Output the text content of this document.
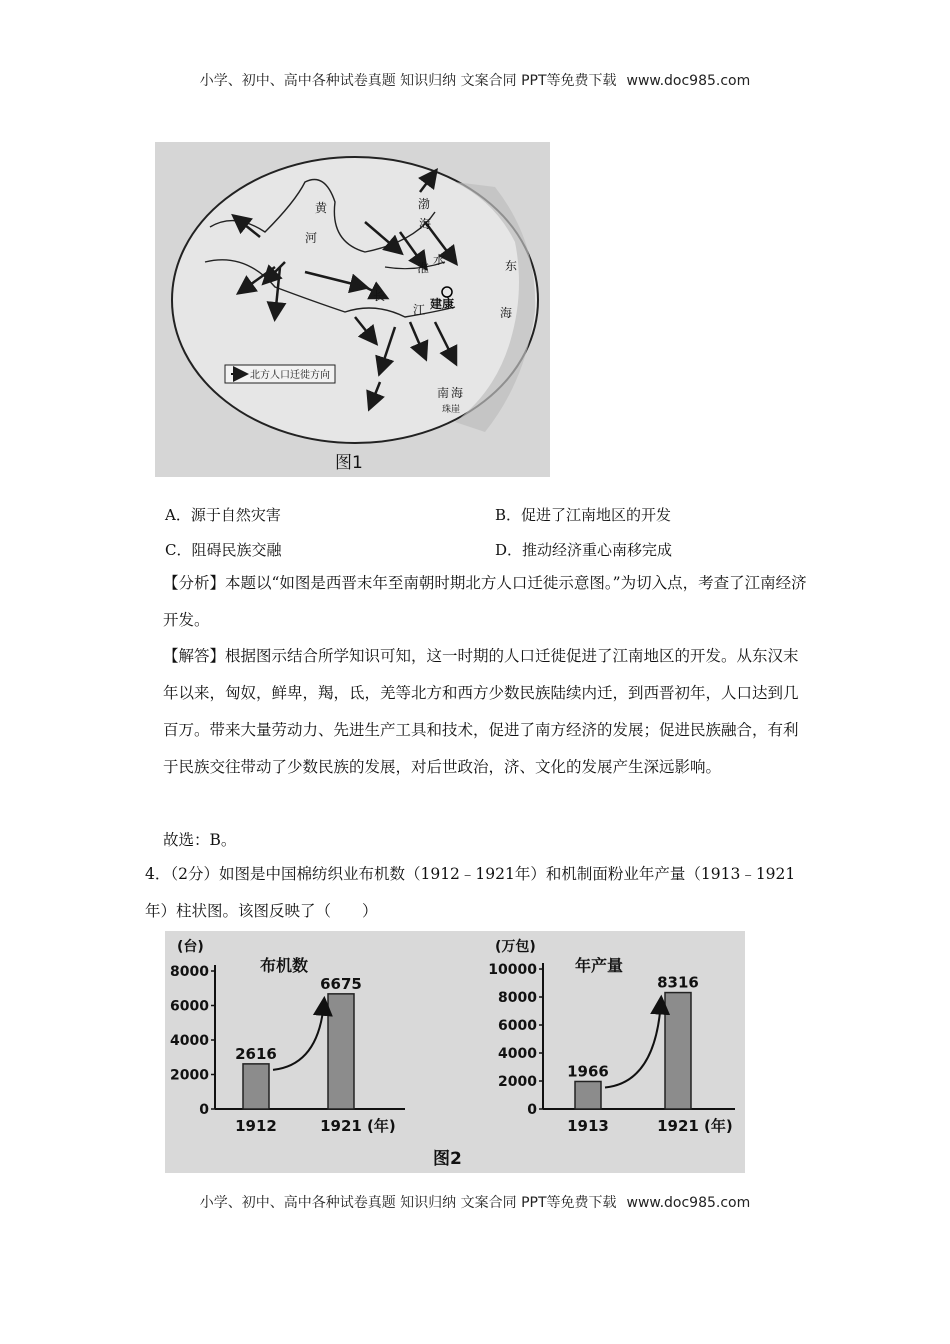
小学、初中、高中各种试卷真题 知识归纳 文案合同 PPT等免费下载 www.doc985.com
黄
河
渤
海
东
淮
水
长
江 建康
海
南 海
珠崖
北方人口迁徙方向
图1
A．源于自然灾害	B．促进了江南地区的开发
C．阻碍民族交融	D．推动经济重心南移完成
【分析】本题以“如图是西晋末年至南朝时期北方人口迁徙示意图。”为切入点，考查了江南经济开发。
【解答】根据图示结合所学知识可知，这一时期的人口迁徙促进了江南地区的开发。从东汉末年以来，匈奴，鲜卑，羯，氐，羌等北方和西方少数民族陆续内迁，到西晋初年，人口达到几百万。带来大量劳动力、先进生产工具和技术，促进了南方经济的发展；促进民族融合，有利于民族交往带动了少数民族的发展，对后世政治，济、文化的发展产生深远影响。
故选：B。
4．（2分）如图是中国棉纺织业布机数（1912﹣1921年）和机制面粉业年产量（1913﹣1921年）柱状图。该图反映了（　　）
(台)
布机数
0
2000
4000
6000
8000
2616
1912
6675
1921 (年)
(万包)
年产量
0
2000
4000
6000
8000
10000
1966
1913
8316
1921 (年)
图2
小学、初中、高中各种试卷真题 知识归纳 文案合同 PPT等免费下载 www.doc985.com
